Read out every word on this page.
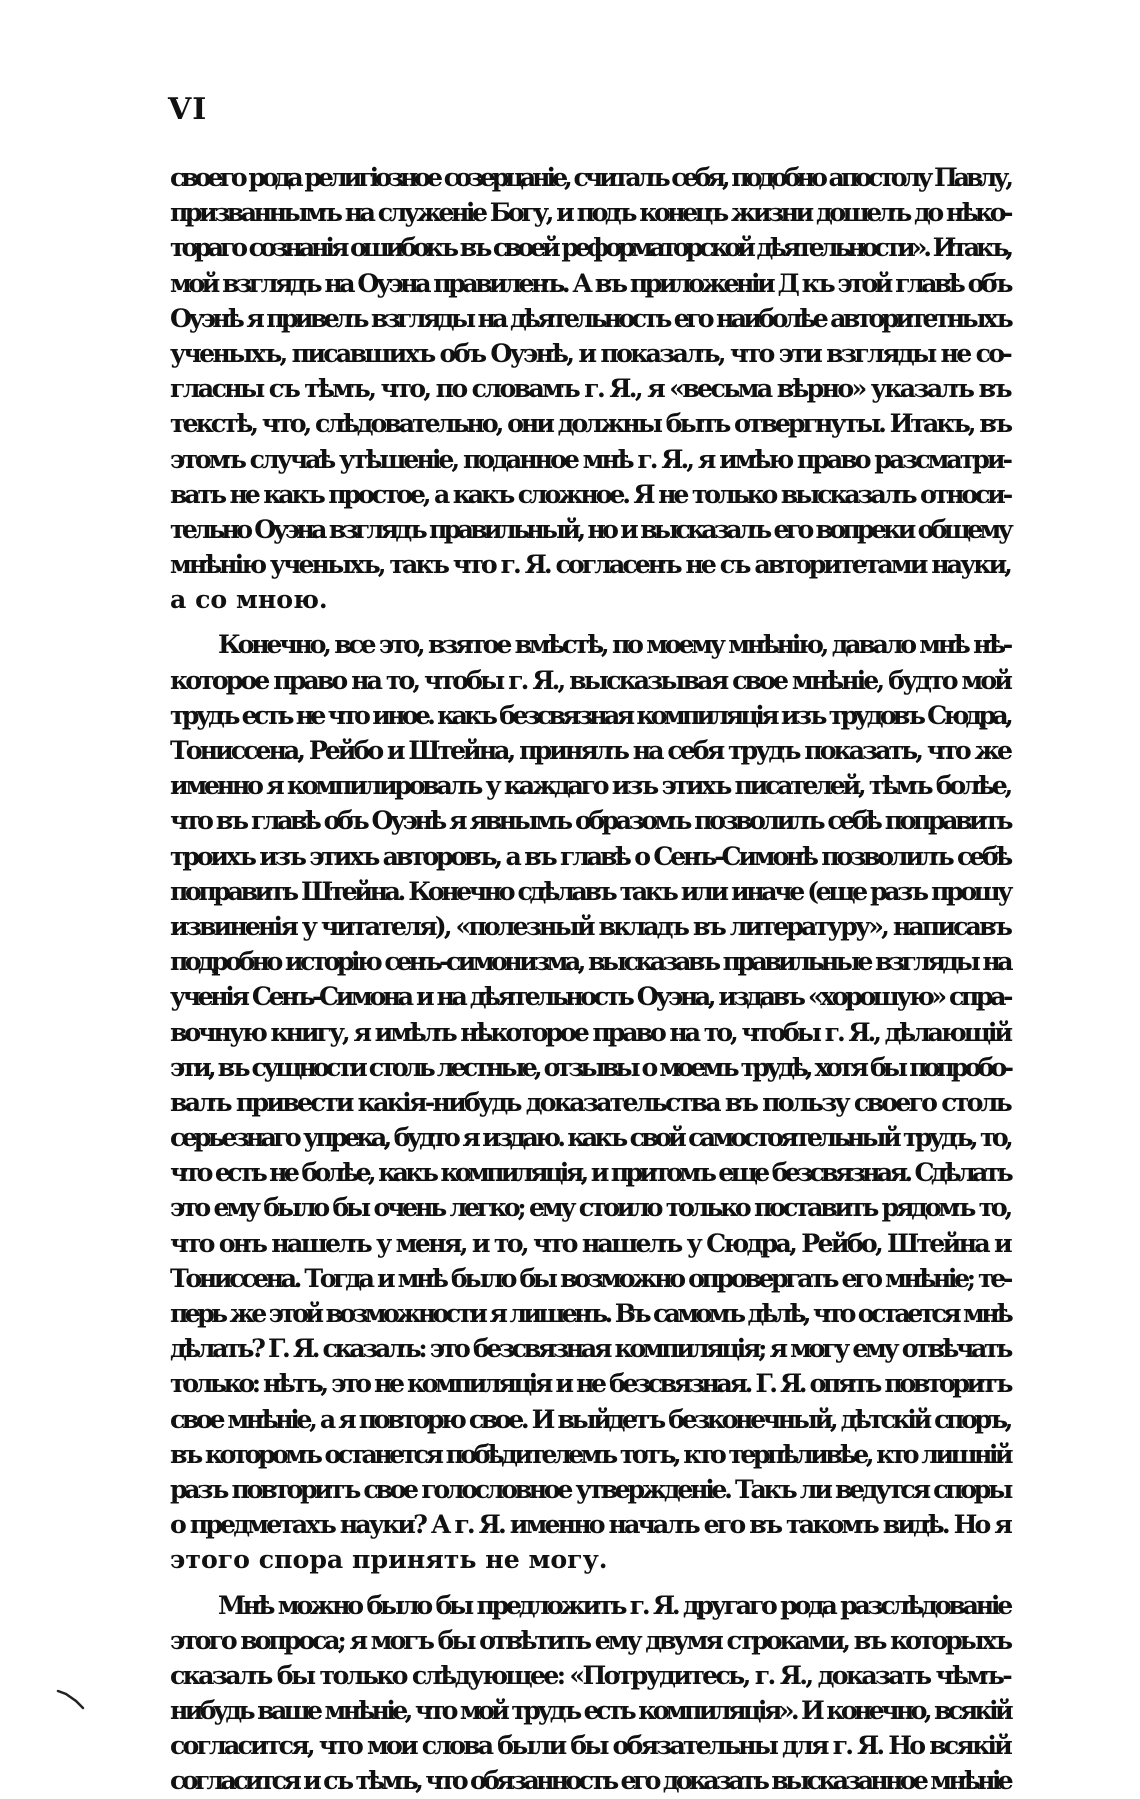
VI
своего рода религіозное созерцаніе, считалъ себя, подобно апостолу Павлу,
призваннымъ на служеніе Богу, и подъ конецъ жизни дошелъ до нѣко-
тораго сознанія ошибокъ въ своей реформаторской дѣятельности». Итакъ,
мой взглядъ на Оуэна правиленъ. А въ приложеніи Д къ этой главѣ объ
Оуэнѣ я привелъ взгляды на дѣятельность его наиболѣе авторитетныхъ
ученыхъ, писавшихъ объ Оуэнѣ, и показалъ, что эти взгляды не со-
гласны съ тѣмъ, что, по словамъ г. Я., я «весьма вѣрно» указалъ въ
текстѣ, что, слѣдовательно, они должны быть отвергнуты. Итакъ, въ
этомъ случаѣ утѣшеніе, поданное мнѣ г. Я., я имѣю право разсматри-
вать не какъ простое, а какъ сложное. Я не только высказалъ относи-
тельно Оуэна взглядъ правильный, но и высказалъ его вопреки общему
мнѣнію ученыхъ, такъ что г. Я. согласенъ не съ авторитетами науки,
а со мною.
Конечно, все это, взятое вмѣстѣ, по моему мнѣнію, давало мнѣ нѣ-
которое право на то, чтобы г. Я., высказывая свое мнѣніе, будто мой
трудъ есть не что иное. какъ безсвязная компиляція изъ трудовъ Сюдра,
Тониссена, Рейбо и Штейна, принялъ на себя трудъ показать, что же
именно я компилировалъ у каждаго изъ этихъ писателей, тѣмъ болѣе,
что въ главѣ объ Оуэнѣ я явнымъ образомъ позволилъ себѣ поправить
троихъ изъ этихъ авторовъ, а въ главѣ о Сенъ-Симонѣ позволилъ себѣ
поправить Штейна. Конечно сдѣлавъ такъ или иначе (еще разъ прошу
извиненія у читателя), «полезный вкладъ въ литературу», написавъ
подробно исторію сенъ-симонизма, высказавъ правильные взгляды на
ученія Сенъ-Симона и на дѣятельность Оуэна, издавъ «хорошую» спра-
вочную книгу, я имѣлъ нѣкоторое право на то, чтобы г. Я., дѣлающій
эти, въ сущности столь лестные, отзывы о моемъ трудѣ, хотя бы попробо-
валъ привести какія-нибудь доказательства въ пользу своего столь
серьезнаго упрека, будто я издаю. какъ свой самостоятельный трудъ, то,
что есть не болѣе, какъ компиляція, и притомъ еще безсвязная. Сдѣлать
это ему было бы очень легко; ему стоило только поставить рядомъ то,
что онъ нашелъ у меня, и то, что нашелъ у Сюдра, Рейбо, Штейна и
Тониссена. Тогда и мнѣ было бы возможно опровергать его мнѣніе; те-
перь же этой возможности я лишенъ. Въ самомъ дѣлѣ, что остается мнѣ
дѣлать? Г. Я. сказалъ: это безсвязная компиляція; я могу ему отвѣчать
только: нѣтъ, это не компиляція и не безсвязная. Г. Я. опять повторитъ
свое мнѣніе, а я повторю свое. И выйдетъ безконечный, дѣтскій споръ,
въ которомъ останется побѣдителемъ тотъ, кто терпѣливѣе, кто лишній
разъ повторитъ свое голословное утвержденіе. Такъ ли ведутся споры
о предметахъ науки? А г. Я. именно началъ его въ такомъ видѣ. Но я
этого спора принять не могу.
Мнѣ можно было бы предложить г. Я. другаго рода разслѣдованіе
этого вопроса; я могъ бы отвѣтить ему двумя строками, въ которыхъ
сказалъ бы только слѣдующее: «Потрудитесь, г. Я., доказать чѣмъ-
нибудь ваше мнѣніе, что мой трудъ есть компиляція». И конечно, всякій
согласится, что мои слова были бы обязательны для г. Я. Но всякій
согласится и съ тѣмъ, что обязанность его доказать высказанное мнѣніе
